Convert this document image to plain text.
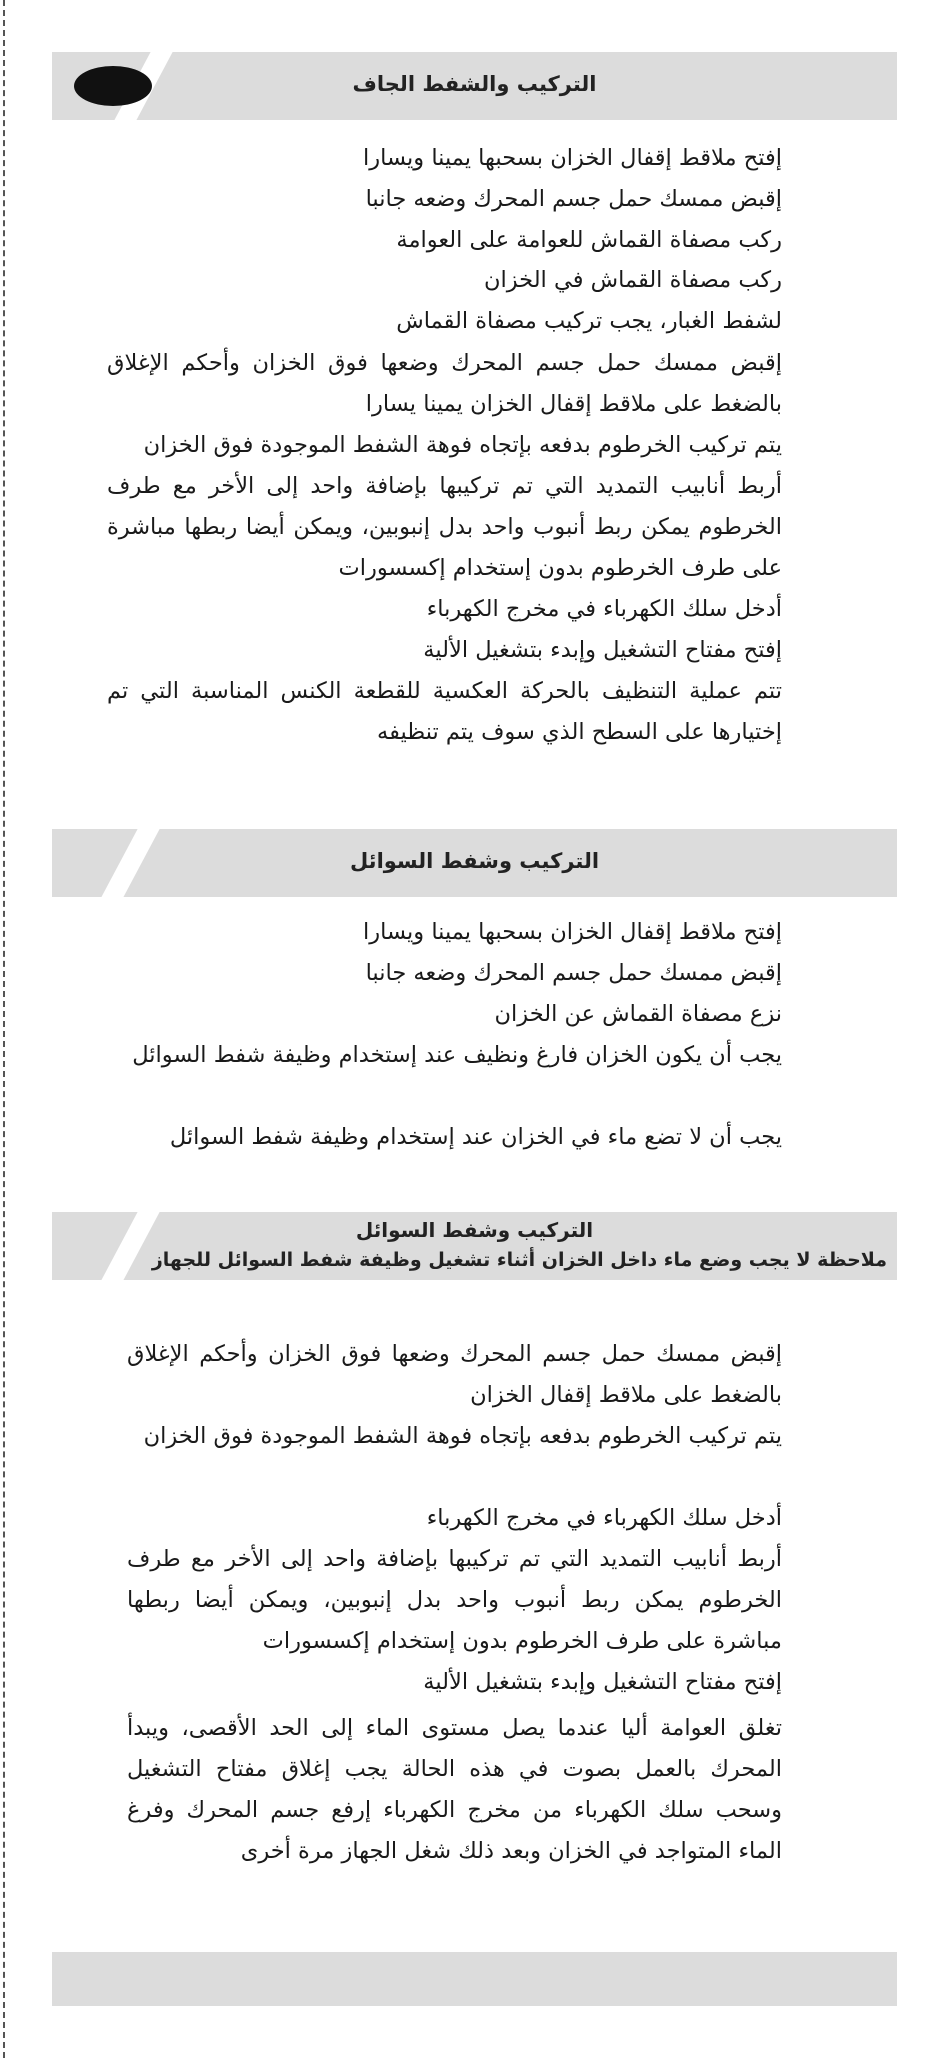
التركيب والشفط الجاف

إفتح ملاقط إقفال الخزان بسحبها يمينا ويسارا

إقبض ممسك حمل جسم المحرك وضعه جانبا

ركب مصفاة القماش للعوامة على العوامة

ركب مصفاة القماش في الخزان

لشفط الغبار، يجب تركيب مصفاة القماش

إقبض ممسك حمل جسم المحرك وضعها فوق الخزان وأحكم الإغلاق بالضغط على ملاقط إقفال الخزان يمينا يسارا

يتم تركيب الخرطوم بدفعه بإتجاه فوهة الشفط الموجودة فوق الخزان

أربط أنابيب التمديد التي تم تركيبها بإضافة واحد إلى الأخر مع طرف الخرطوم يمكن ربط أنبوب واحد بدل إنبوبين، ويمكن أيضا ربطها مباشرة على طرف الخرطوم بدون إستخدام إكسسورات

أدخل سلك الكهرباء في مخرج الكهرباء

إفتح مفتاح التشغيل وإبدء بتشغيل الألية

تتم عملية التنظيف بالحركة العكسية للقطعة الكنس المناسبة التي تم إختيارها على السطح الذي سوف يتم تنظيفه

التركيب وشفط السوائل

إفتح ملاقط إقفال الخزان بسحبها يمينا ويسارا

إقبض ممسك حمل جسم المحرك وضعه جانبا

نزع مصفاة القماش عن الخزان

يجب أن يكون الخزان فارغ ونظيف عند إستخدام وظيفة شفط السوائل

يجب أن لا تضع ماء في الخزان عند إستخدام وظيفة شفط السوائل

التركيب وشفط السوائل
ملاحظة لا يجب وضع ماء داخل الخزان أثناء تشغيل وظيفة شفط السوائل للجهاز

إقبض ممسك حمل جسم المحرك وضعها فوق الخزان وأحكم الإغلاق بالضغط على ملاقط إقفال الخزان

يتم تركيب الخرطوم بدفعه بإتجاه فوهة الشفط الموجودة فوق الخزان

أدخل سلك الكهرباء في مخرج الكهرباء

أربط أنابيب التمديد التي تم تركيبها بإضافة واحد إلى الأخر مع طرف الخرطوم يمكن ربط أنبوب واحد بدل إنبوبين، ويمكن أيضا ربطها مباشرة على طرف الخرطوم بدون إستخدام إكسسورات

إفتح مفتاح التشغيل وإبدء بتشغيل الألية

تغلق العوامة أليا عندما يصل مستوى الماء إلى الحد الأقصى، ويبدأ المحرك بالعمل بصوت في هذه الحالة يجب إغلاق مفتاح التشغيل وسحب سلك الكهرباء من مخرج الكهرباء إرفع جسم المحرك وفرغ الماء المتواجد في الخزان وبعد ذلك شغل الجهاز مرة أخرى
